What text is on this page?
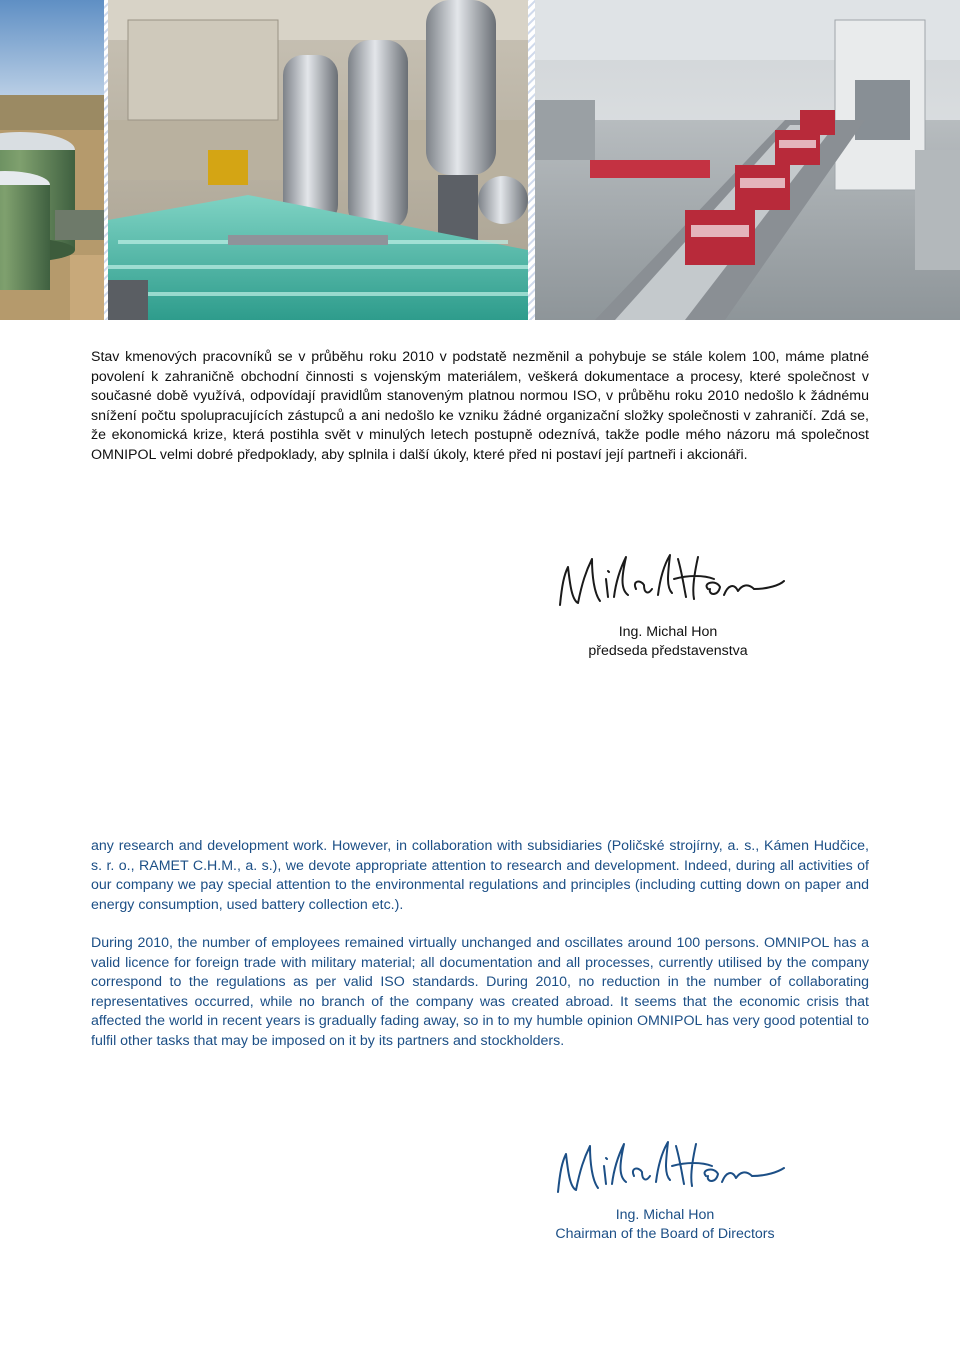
Stav kmenových pracovníků se v průběhu roku 2010 v podstatě nezměnil a pohybuje se stále kolem 100, máme platné povolení k zahraničně obchodní činnosti s vojenským materiálem, veškerá dokumentace a procesy, které společnost v současné době využívá, odpovídají pravidlům stanoveným platnou normou ISO, v průběhu roku 2010 nedošlo k žádnému snížení počtu spolupracujících zástupců a ani nedošlo ke vzniku žádné organizační složky společnosti v zahraničí. Zdá se, že ekonomická krize, která postihla svět v minulých letech postupně odeznívá, takže podle mého názoru má společnost OMNIPOL velmi dobré předpoklady, aby splnila i další úkoly, které před ni postaví její partneři i akcionáři.

Ing. Michal Hon
předseda představenstva

any research and development work. However, in collaboration with subsidiaries (Poličské strojírny, a. s., Kámen Hudčice, s. r. o., RAMET C.H.M., a. s.), we devote appropriate attention to research and development. Indeed, during all activities of our company we pay special attention to the environmental regulations and principles (including cutting down on paper and energy consumption, used battery collection etc.).

During 2010, the number of employees remained virtually unchanged and oscillates around 100 persons. OMNIPOL has a valid licence for foreign trade with military material; all documentation and all processes, currently utilised by the company correspond to the regulations as per valid ISO standards. During 2010, no reduction in the number of collaborating representatives occurred, while no branch of the company was created abroad. It seems that the economic crisis that affected the world in recent years is gradually fading away, so in to my humble opinion OMNIPOL has very good potential to fulfil other tasks that may be imposed on it by its partners and stockholders.

Ing. Michal Hon
Chairman of the Board of Directors
